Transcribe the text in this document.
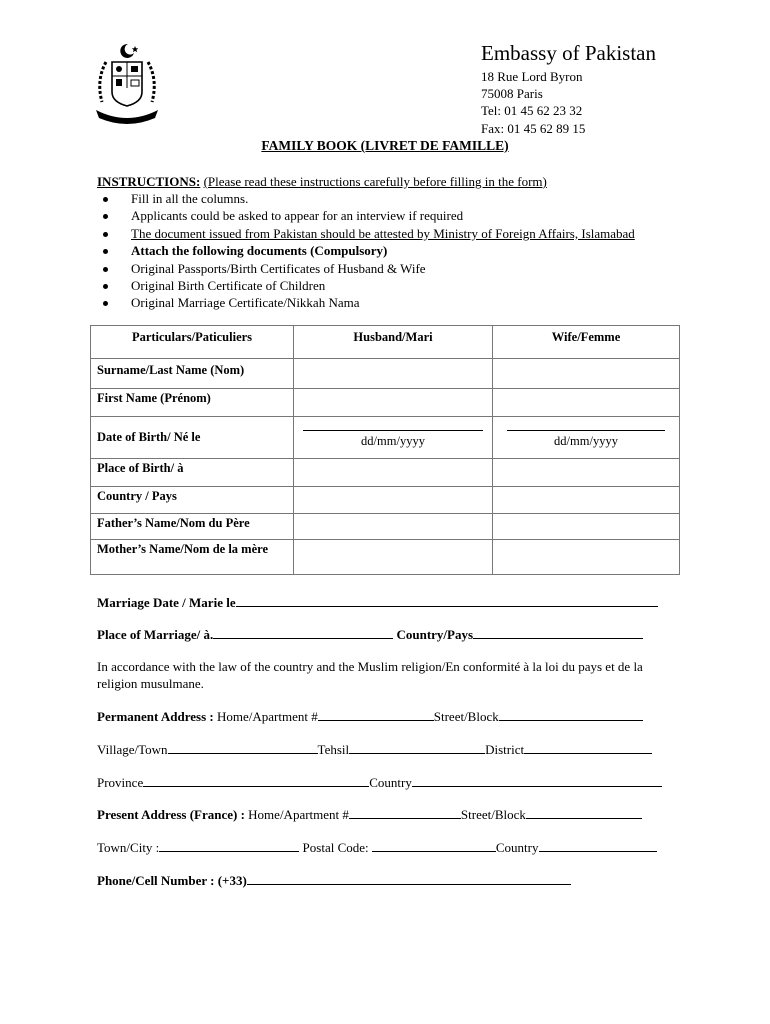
Embassy of Pakistan
18 Rue Lord Byron
75008 Paris
Tel: 01 45 62 23 32
Fax: 01 45 62 89 15
FAMILY BOOK (LIVRET DE FAMILLE)
INSTRUCTIONS: (Please read these instructions carefully before filling in the form)
Fill in all the columns.
Applicants could be asked to appear for an interview if required
The document issued from Pakistan should be attested by Ministry of Foreign Affairs, Islamabad
Attach the following documents (Compulsory)
Original Passports/Birth Certificates of Husband & Wife
Original Birth Certificate of Children
Original Marriage Certificate/Nikkah Nama
Particulars/Paticuliers	Husband/Mari	Wife/Femme
Surname/Last Name (Nom)		
First Name (Prénom)		
Date of Birth/ Né le	dd/mm/yyyy	dd/mm/yyyy

Place of Birth/ à		
Country / Pays		
Father’s Name/Nom du Père		
Mother’s Name/Nom de la mère		
Marriage Date / Marie le
Place of Marriage/ à.	Country/Pays
In accordance with the law of the country and the Muslim religion/En conformité à la loi du pays et de la religion musulmane.
Permanent Address : Home/Apartment #	Street/Block
Village/Town	Tehsil	District
Province	Country
Present Address (France) : Home/Apartment #	Street/Block
Town/City :	Postal Code:	Country
Phone/Cell Number : (+33)
